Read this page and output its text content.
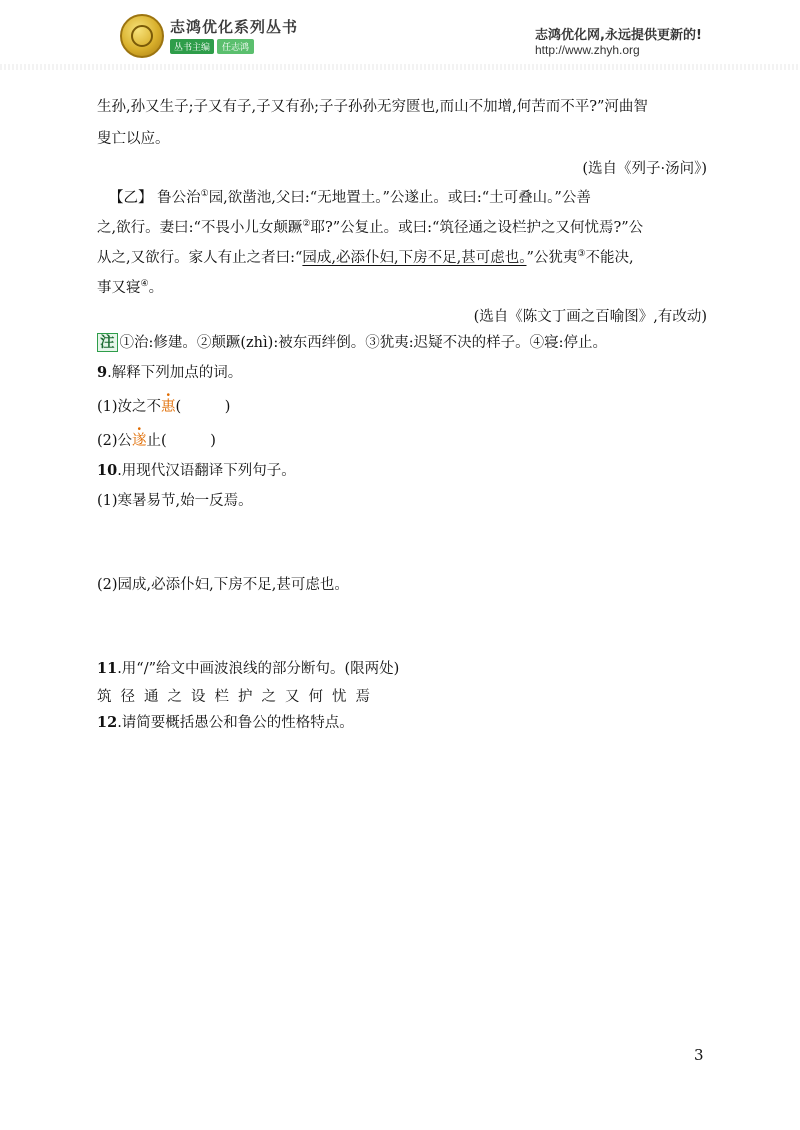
志鸿优化系列丛书
丛书主编	任志鸿
志鸿优化网,永远提供更新的!
http://www.zhyh.org
生孙,孙又生子;子又有子,子又有孙;子子孙孙无穷匮也,而山不加增,何苦而不平?”河曲智
叟亡以应。
(选自《列子·汤问》)
【乙】 鲁公治①园,欲凿池,父曰:“无地置土。”公遂止。或曰:“土可叠山。”公善
之,欲行。妻曰:“不畏小儿女颠蹶②耶?”公复止。或曰:“筑径通之设栏护之又何忧焉?”公
从之,又欲行。家人有止之者曰:“园成,必添仆妇,下房不足,甚可虑也。”公犹夷③不能决,
事又寝④。
(选自《陈文丁画之百喻图》,有改动)
注 ①治:修建。②颠蹶(zhì):被东西绊倒。③犹夷:迟疑不决的样子。④寝:停止。
9.解释下列加点的词。
(1)汝之不惠(　　　)
(2)公遂止(　　　)
10.用现代汉语翻译下列句子。
(1)寒暑易节,始一反焉。
(2)园成,必添仆妇,下房不足,甚可虑也。
11.用“/”给文中画波浪线的部分断句。(限两处)
筑径通之设栏护之又何忧焉
12.请简要概括愚公和鲁公的性格特点。
3
